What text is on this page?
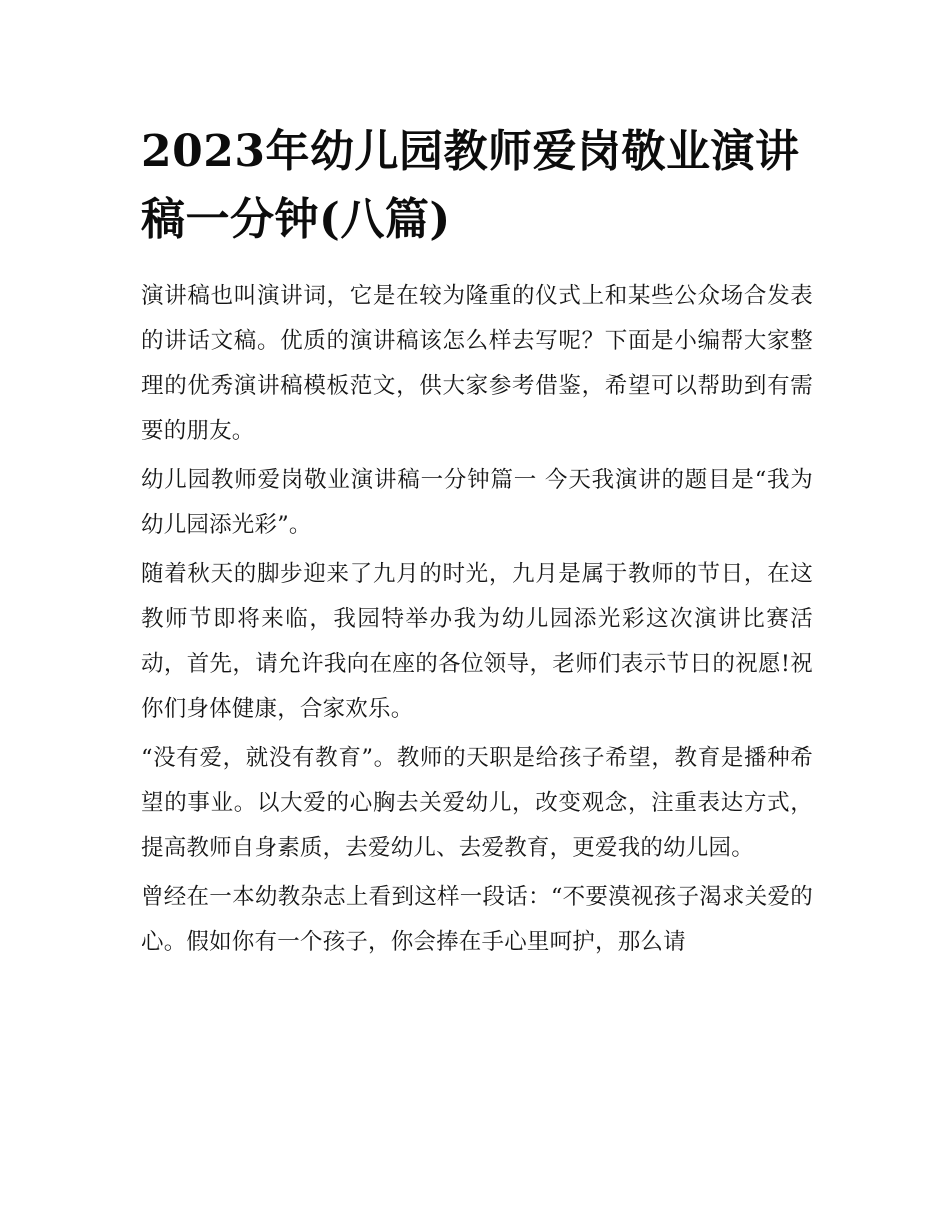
2023年幼儿园教师爱岗敬业演讲稿一分钟(八篇)

演讲稿也叫演讲词，它是在较为隆重的仪式上和某些公众场合发表的讲话文稿。优质的演讲稿该怎么样去写呢？下面是小编帮大家整理的优秀演讲稿模板范文，供大家参考借鉴，希望可以帮助到有需要的朋友。

幼儿园教师爱岗敬业演讲稿一分钟篇一 今天我演讲的题目是“我为幼儿园添光彩”。

随着秋天的脚步迎来了九月的时光，九月是属于教师的节日，在这教师节即将来临，我园特举办我为幼儿园添光彩这次演讲比赛活动，首先，请允许我向在座的各位领导，老师们表示节日的祝愿!祝你们身体健康，合家欢乐。

“没有爱，就没有教育”。教师的天职是给孩子希望，教育是播种希望的事业。以大爱的心胸去关爱幼儿，改变观念，注重表达方式，提高教师自身素质，去爱幼儿、去爱教育，更爱我的幼儿园。

曾经在一本幼教杂志上看到这样一段话：“不要漠视孩子渴求关爱的心。假如你有一个孩子，你会捧在手心里呵护，那么请
